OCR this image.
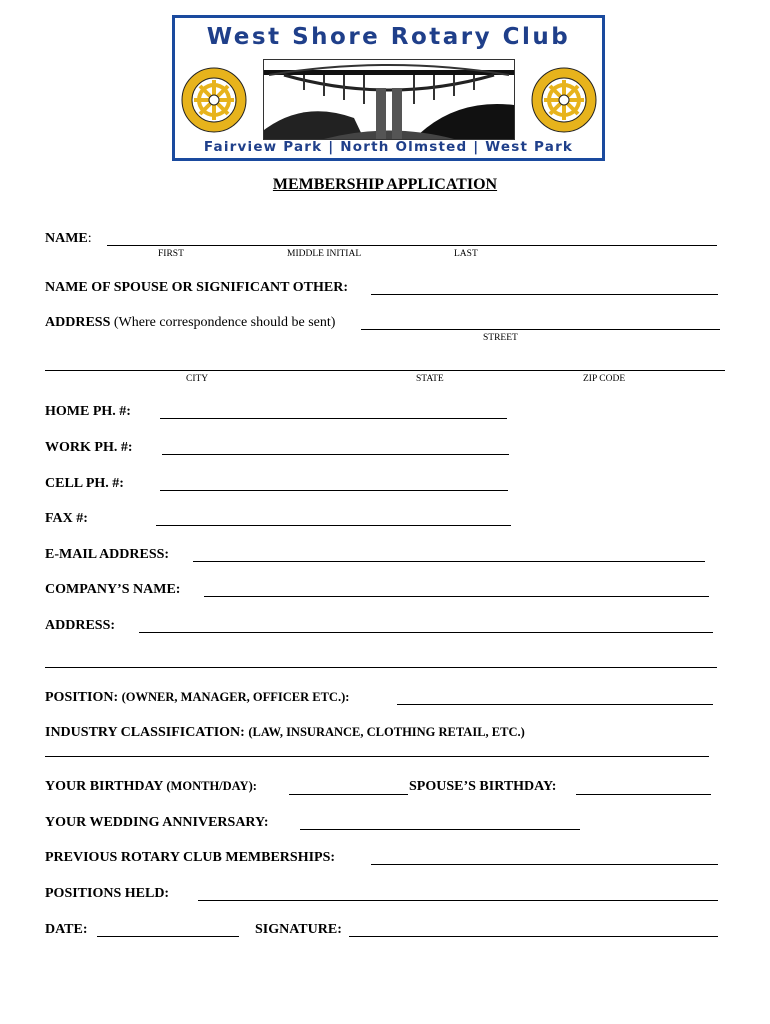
West Shore Rotary Club
Fairview Park | North Olmsted | West Park
MEMBERSHIP APPLICATION
NAME:
FIRST	MIDDLE INITIAL	LAST
NAME OF SPOUSE OR SIGNIFICANT OTHER:
ADDRESS (Where correspondence should be sent)
STREET
CITY	STATE	ZIP CODE
HOME PH. #:
WORK PH. #:
CELL PH. #:
FAX #:
E-MAIL ADDRESS:
COMPANY’S NAME:
ADDRESS:
POSITION: (OWNER, MANAGER, OFFICER ETC.):
INDUSTRY CLASSIFICATION: (LAW, INSURANCE, CLOTHING RETAIL, ETC.)
YOUR BIRTHDAY (MONTH/DAY):	SPOUSE’S BIRTHDAY:
YOUR WEDDING ANNIVERSARY:
PREVIOUS ROTARY CLUB MEMBERSHIPS:
POSITIONS HELD:
DATE:	SIGNATURE:
